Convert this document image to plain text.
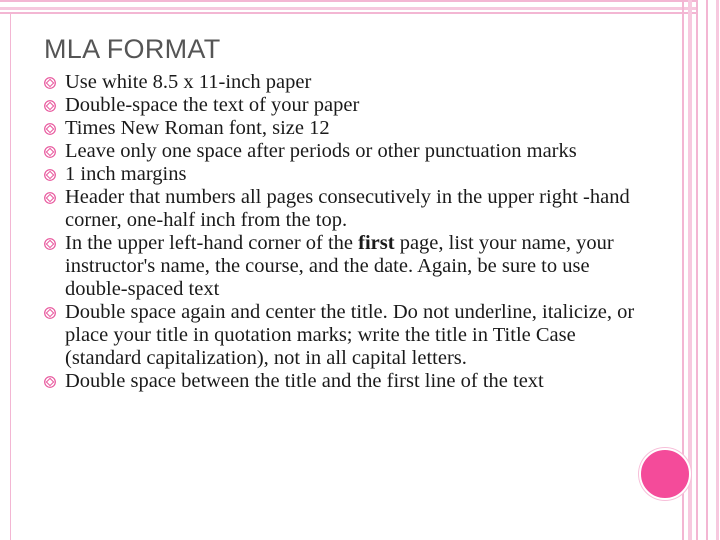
MLA FORMAT
Use white 8.5 x 11-inch paper
Double-space the text of your paper
Times New Roman font, size 12
Leave only one space after periods or other punctuation marks
1 inch margins
Header that numbers all pages consecutively in the upper right -hand corner, one-half inch from the top.
In the upper left-hand corner of the first page, list your name, your instructor's name, the course, and the date. Again, be sure to use double-spaced text
Double space again and center the title. Do not underline, italicize, or place your title in quotation marks; write the title in Title Case (standard capitalization), not in all capital letters.
Double space between the title and the first line of the text
